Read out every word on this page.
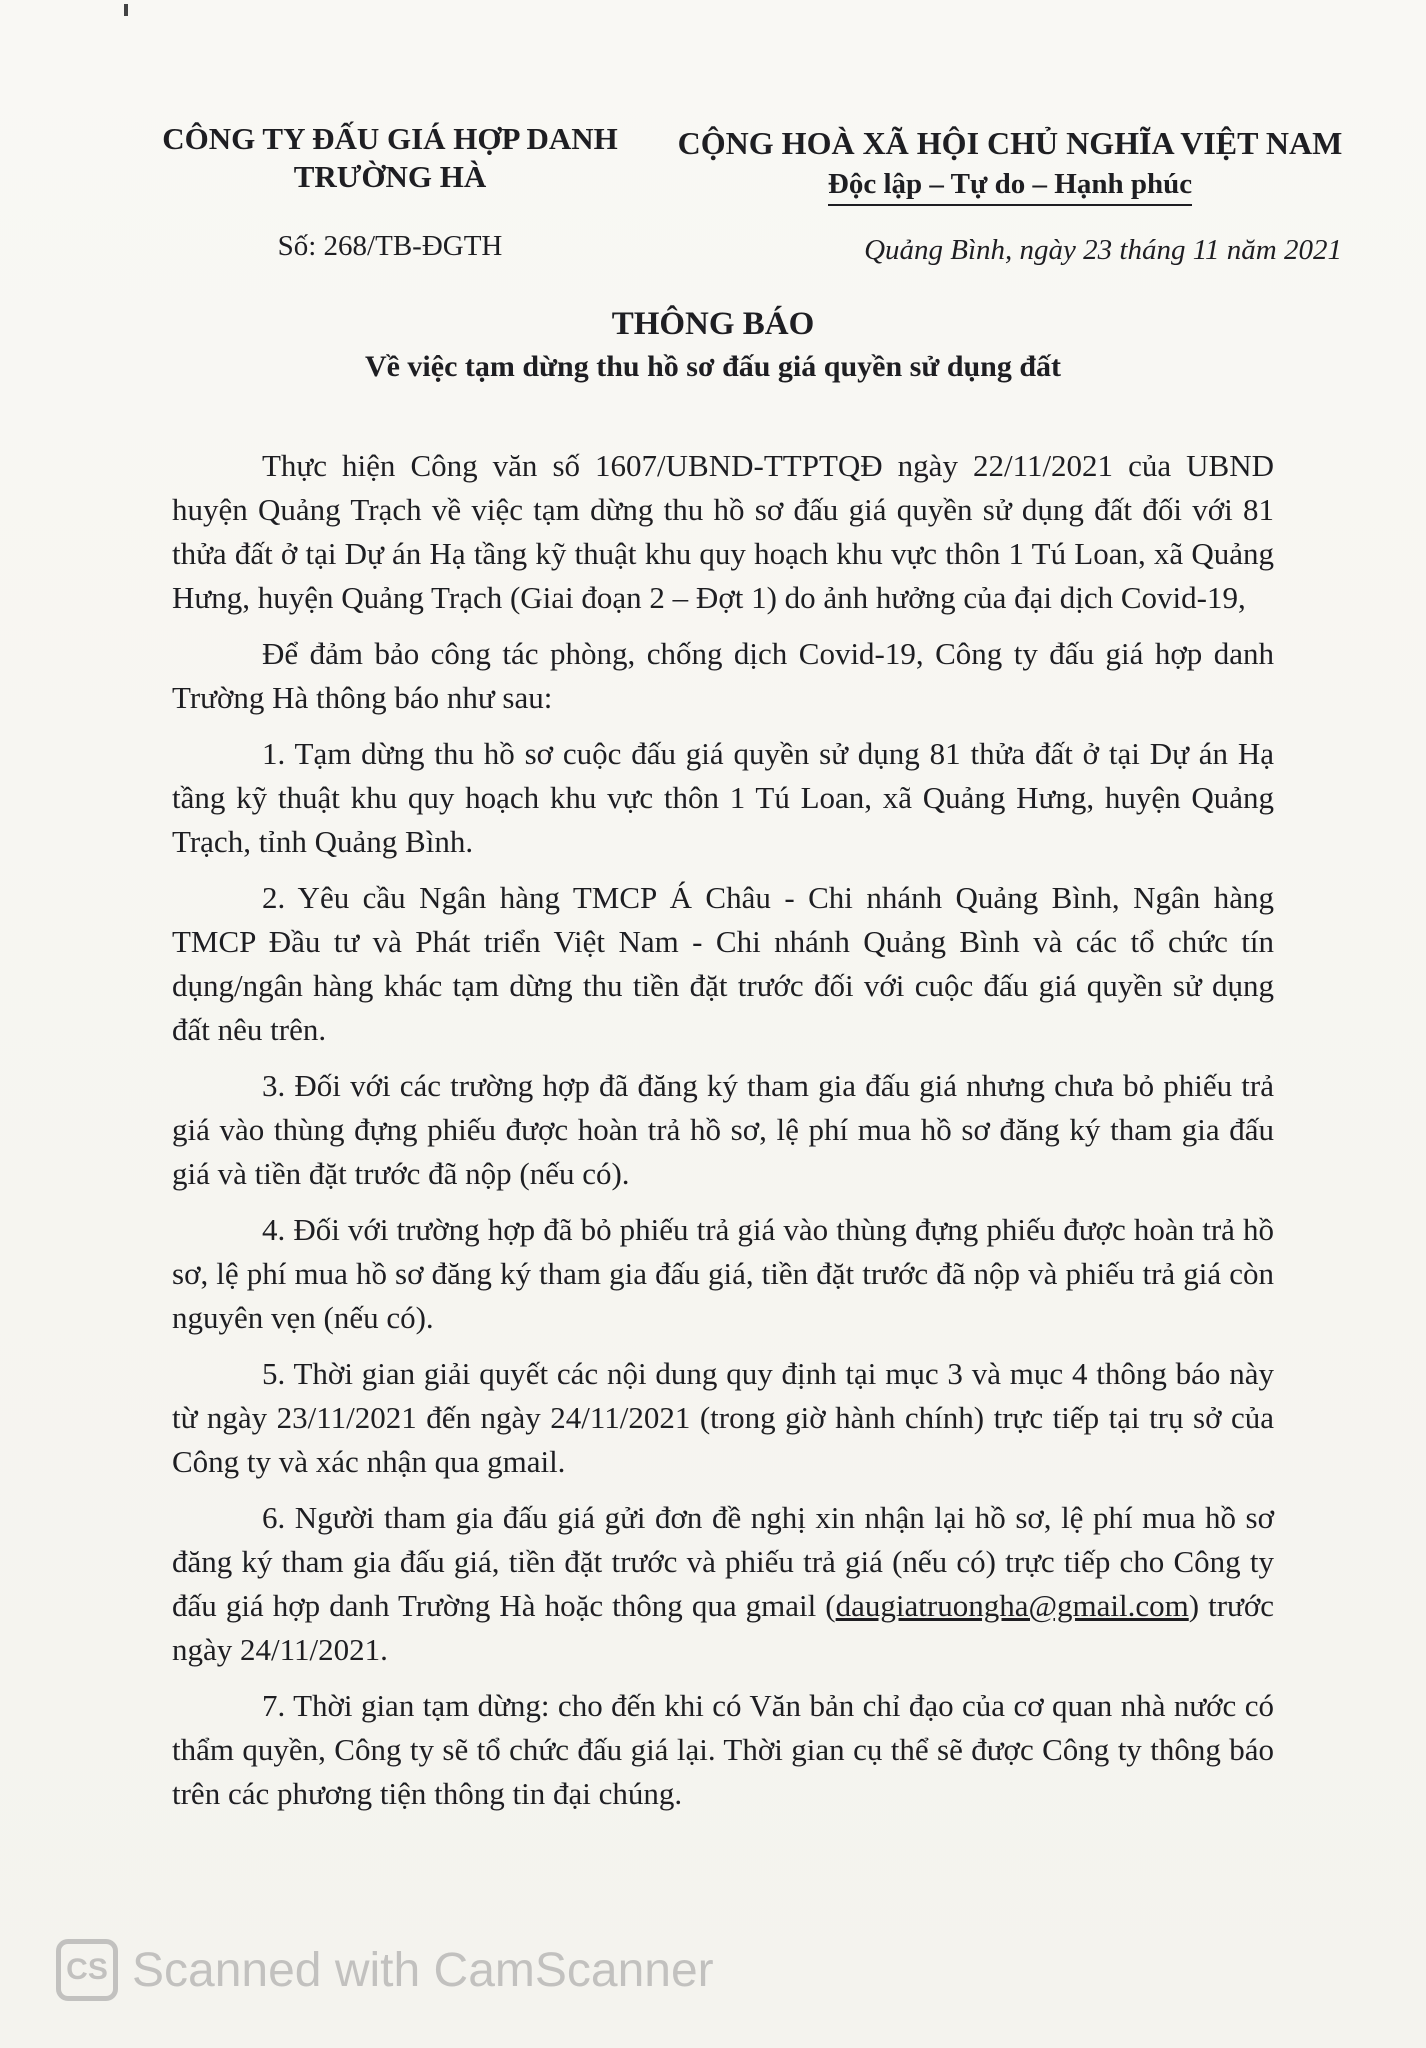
CÔNG TY ĐẤU GIÁ HỢP DANH
TRƯỜNG HÀ
Số: 268/TB-ĐGTH
CỘNG HOÀ XÃ HỘI CHỦ NGHĨA VIỆT NAM
Độc lập – Tự do – Hạnh phúc
Quảng Bình, ngày 23 tháng 11 năm 2021
THÔNG BÁO
Về việc tạm dừng thu hồ sơ đấu giá quyền sử dụng đất

Thực hiện Công văn số 1607/UBND-TTPTQĐ ngày 22/11/2021 của UBND huyện Quảng Trạch về việc tạm dừng thu hồ sơ đấu giá quyền sử dụng đất đối với 81 thửa đất ở tại Dự án Hạ tầng kỹ thuật khu quy hoạch khu vực thôn 1 Tú Loan, xã Quảng Hưng, huyện Quảng Trạch (Giai đoạn 2 – Đợt 1) do ảnh hưởng của đại dịch Covid-19,

Để đảm bảo công tác phòng, chống dịch Covid-19, Công ty đấu giá hợp danh Trường Hà thông báo như sau:

1. Tạm dừng thu hồ sơ cuộc đấu giá quyền sử dụng 81 thửa đất ở tại Dự án Hạ tầng kỹ thuật khu quy hoạch khu vực thôn 1 Tú Loan, xã Quảng Hưng, huyện Quảng Trạch, tỉnh Quảng Bình.

2. Yêu cầu Ngân hàng TMCP Á Châu - Chi nhánh Quảng Bình, Ngân hàng TMCP Đầu tư và Phát triển Việt Nam - Chi nhánh Quảng Bình và các tổ chức tín dụng/ngân hàng khác tạm dừng thu tiền đặt trước đối với cuộc đấu giá quyền sử dụng đất nêu trên.

3. Đối với các trường hợp đã đăng ký tham gia đấu giá nhưng chưa bỏ phiếu trả giá vào thùng đựng phiếu được hoàn trả hồ sơ, lệ phí mua hồ sơ đăng ký tham gia đấu giá và tiền đặt trước đã nộp (nếu có).

4. Đối với trường hợp đã bỏ phiếu trả giá vào thùng đựng phiếu được hoàn trả hồ sơ, lệ phí mua hồ sơ đăng ký tham gia đấu giá, tiền đặt trước đã nộp và phiếu trả giá còn nguyên vẹn (nếu có).

5. Thời gian giải quyết các nội dung quy định tại mục 3 và mục 4 thông báo này từ ngày 23/11/2021 đến ngày 24/11/2021 (trong giờ hành chính) trực tiếp tại trụ sở của Công ty và xác nhận qua gmail.

6. Người tham gia đấu giá gửi đơn đề nghị xin nhận lại hồ sơ, lệ phí mua hồ sơ đăng ký tham gia đấu giá, tiền đặt trước và phiếu trả giá (nếu có) trực tiếp cho Công ty đấu giá hợp danh Trường Hà hoặc thông qua gmail (daugiatruongha@gmail.com) trước ngày 24/11/2021.

7. Thời gian tạm dừng: cho đến khi có Văn bản chỉ đạo của cơ quan nhà nước có thẩm quyền, Công ty sẽ tổ chức đấu giá lại. Thời gian cụ thể sẽ được Công ty thông báo trên các phương tiện thông tin đại chúng.

CS Scanned with CamScanner
